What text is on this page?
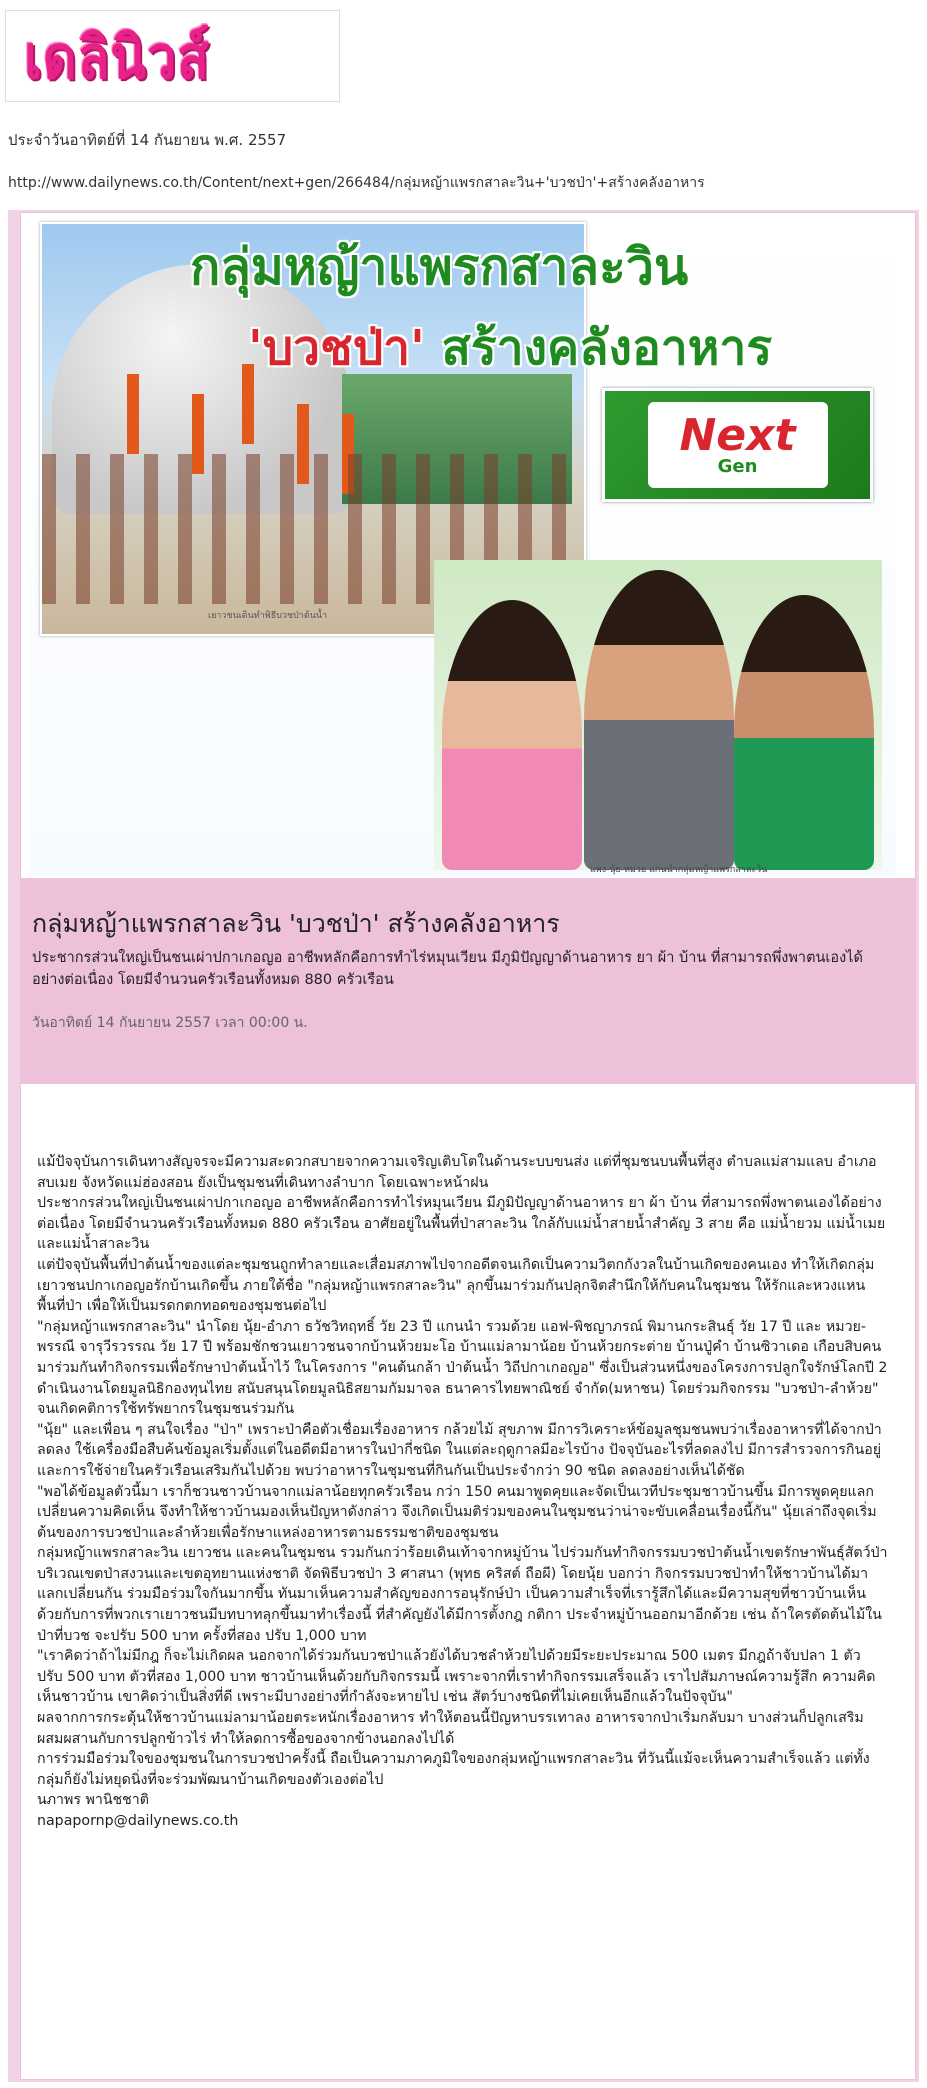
เดลินิวส์
ประจำวันอาทิตย์ที่ 14 กันยายน พ.ศ. 2557
http://www.dailynews.co.th/Content/next+gen/266484/กลุ่มหญ้าแพรกสาละวิน+'บวชป่า'+สร้างคลังอาหาร
เยาวชนเดินทำพิธีบวชป่าต้นน้ำ
กลุ่มหญ้าแพรกสาละวิน
'บวชป่า' สร้างคลังอาหาร
Next
Gen
แพง-นุ้ย-หมวย แกนนำกลุ่มหญ้าแพรกสาละวิน
กลุ่มหญ้าแพรกสาละวิน 'บวชป่า' สร้างคลังอาหาร

ประชากรส่วนใหญ่เป็นชนเผ่าปกาเกอญอ อาชีพหลักคือการทำไร่หมุนเวียน มีภูมิปัญญาด้านอาหาร ยา ผ้า บ้าน ที่สามารถพึ่งพาตนเองได้อย่างต่อเนื่อง โดยมีจำนวนครัวเรือนทั้งหมด 880 ครัวเรือน

วันอาทิตย์ 14 กันยายน 2557 เวลา 00:00 น.

แม้ปัจจุบันการเดินทางสัญจรจะมีความสะดวกสบายจากความเจริญเติบโตในด้านระบบขนส่ง แต่ที่ชุมชนบนพื้นที่สูง ตำบลแม่สามแลบ อำเภอสบเมย จังหวัดแม่ฮ่องสอน ยังเป็นชุมชนที่เดินทางลำบาก โดยเฉพาะหน้าฝน

ประชากรส่วนใหญ่เป็นชนเผ่าปกาเกอญอ อาชีพหลักคือการทำไร่หมุนเวียน มีภูมิปัญญาด้านอาหาร ยา ผ้า บ้าน ที่สามารถพึ่งพาตนเองได้อย่างต่อเนื่อง โดยมีจำนวนครัวเรือนทั้งหมด 880 ครัวเรือน อาศัยอยู่ในพื้นที่ป่าสาละวิน ใกล้กับแม่น้ำสายน้ำสำคัญ 3 สาย คือ แม่น้ำยวม แม่น้ำเมย และแม่น้ำสาละวิน

แต่ปัจจุบันพื้นที่ป่าต้นน้ำของแต่ละชุมชนถูกทำลายและเสื่อมสภาพไปจากอดีตจนเกิดเป็นความวิตกกังวลในบ้านเกิดของคนเอง ทำให้เกิดกลุ่มเยาวชนปกาเกอญอรักบ้านเกิดขึ้น ภายใต้ชื่อ "กลุ่มหญ้าแพรกสาละวิน" ลุกขึ้นมาร่วมกันปลุกจิตสำนึกให้กับคนในชุมชน ให้รักและหวงแหนพื้นที่ป่า เพื่อให้เป็นมรดกตกทอดของชุมชนต่อไป

"กลุ่มหญ้าแพรกสาละวิน" นำโดย นุ้ย-อำภา ธวัชวิทฤทธิ์ วัย 23 ปี แกนนำ รวมด้วย แอฟ-พิชญาภรณ์ พิมานกระสินธุ์ วัย 17 ปี และ หมวย-พรรณี จารุวีรวรรณ วัย 17 ปี พร้อมชักชวนเยาวชนจากบ้านห้วยมะโอ บ้านแม่ลามาน้อย บ้านห้วยกระต่าย บ้านปู่คำ บ้านซิวาเดอ เกือบสิบคน มาร่วมกันทำกิจกรรมเพื่อรักษาป่าต้นน้ำไว้ ในโครงการ "คนต้นกล้า ป่าต้นน้ำ วิถีปกาเกอญอ" ซึ่งเป็นส่วนหนึ่งของโครงการปลูกใจรักษ์โลกปี 2 ดำเนินงานโดยมูลนิธิกองทุนไทย สนับสนุนโดยมูลนิธิสยามกัมมาจล ธนาคารไทยพาณิชย์ จำกัด(มหาชน) โดยร่วมกิจกรรม "บวชป่า-ลำห้วย" จนเกิดคติการใช้ทรัพยากรในชุมชนร่วมกัน

"นุ้ย" และเพื่อน ๆ สนใจเรื่อง "ป่า" เพราะป่าคือตัวเชื่อมเรื่องอาหาร กล้วยไม้ สุขภาพ มีการวิเคราะห์ข้อมูลชุมชนพบว่าเรื่องอาหารที่ได้จากป่าลดลง ใช้เครื่องมือสืบค้นข้อมูลเริ่มตั้งแต่ในอดีตมีอาหารในป่ากี่ชนิด ในแต่ละฤดูกาลมีอะไรบ้าง ปัจจุบันอะไรที่ลดลงไป มีการสำรวจการกินอยู่และการใช้จ่ายในครัวเรือนเสริมกันไปด้วย พบว่าอาหารในชุมชนที่กินกันเป็นประจำกว่า 90 ชนิด ลดลงอย่างเห็นได้ชัด

"พอได้ข้อมูลตัวนี้มา เราก็ชวนชาวบ้านจากแม่ลาน้อยทุกครัวเรือน กว่า 150 คนมาพูดคุยและจัดเป็นเวทีประชุมชาวบ้านขึ้น มีการพูดคุยแลกเปลี่ยนความคิดเห็น จึงทำให้ชาวบ้านมองเห็นปัญหาดังกล่าว จึงเกิดเป็นมติร่วมของคนในชุมชนว่าน่าจะขับเคลื่อนเรื่องนี้กัน" นุ้ยเล่าถึงจุดเริ่มต้นของการบวชป่าและลำห้วยเพื่อรักษาแหล่งอาหารตามธรรมชาติของชุมชน

กลุ่มหญ้าแพรกสาละวิน เยาวชน และคนในชุมชน รวมกันกว่าร้อยเดินเท้าจากหมู่บ้าน ไปร่วมกันทำกิจกรรมบวชป่าต้นน้ำเขตรักษาพันธุ์สัตว์ป่าบริเวณเขตป่าสงวนและเขตอุทยานแห่งชาติ จัดพิธีบวชป่า 3 ศาสนา (พุทธ คริสต์ ถือผี) โดยนุ้ย บอกว่า กิจกรรมบวชป่าทำให้ชาวบ้านได้มาแลกเปลี่ยนกัน ร่วมมือร่วมใจกันมากขึ้น ทันมาเห็นความสำคัญของการอนุรักษ์ป่า เป็นความสำเร็จที่เรารู้สึกได้และมีความสุขที่ชาวบ้านเห็นด้วยกับการที่พวกเราเยาวชนมีบทบาทลุกขึ้นมาทำเรื่องนี้ ที่สำคัญยังได้มีการตั้งกฎ กติกา ประจำหมู่บ้านออกมาอีกด้วย เช่น ถ้าใครตัดต้นไม้ในป่าที่บวช จะปรับ 500 บาท ครั้งที่สอง ปรับ 1,000 บาท

"เราคิดว่าถ้าไม่มีกฎ ก็จะไม่เกิดผล นอกจากได้ร่วมกันบวชป่าแล้วยังได้บวชลำห้วยไปด้วยมีระยะประมาณ 500 เมตร มีกฎถ้าจับปลา 1 ตัว ปรับ 500 บาท ตัวที่สอง 1,000 บาท ชาวบ้านเห็นด้วยกับกิจกรรมนี้ เพราะจากที่เราทำกิจกรรมเสร็จแล้ว เราไปสัมภาษณ์ความรู้สึก ความคิดเห็นชาวบ้าน เขาคิดว่าเป็นสิ่งที่ดี เพราะมีบางอย่างที่กำลังจะหายไป เช่น สัตว์บางชนิดที่ไม่เคยเห็นอีกแล้วในปัจจุบัน"

ผลจากการกระตุ้นให้ชาวบ้านแม่ลามาน้อยตระหนักเรื่องอาหาร ทำให้ตอนนี้ปัญหาบรรเทาลง อาหารจากป่าเริ่มกลับมา บางส่วนก็ปลูกเสริม ผสมผสานกับการปลูกข้าวไร่ ทำให้ลดการซื้อของจากข้างนอกลงไปได้

การร่วมมือร่วมใจของชุมชนในการบวชป่าครั้งนี้ ถือเป็นความภาคภูมิใจของกลุ่มหญ้าแพรกสาละวิน ที่วันนี้แม้จะเห็นความสำเร็จแล้ว แต่ทั้งกลุ่มก็ยังไม่หยุดนิ่งที่จะร่วมพัฒนาบ้านเกิดของตัวเองต่อไป

นภาพร พานิชชาติ

napapornp@dailynews.co.th
